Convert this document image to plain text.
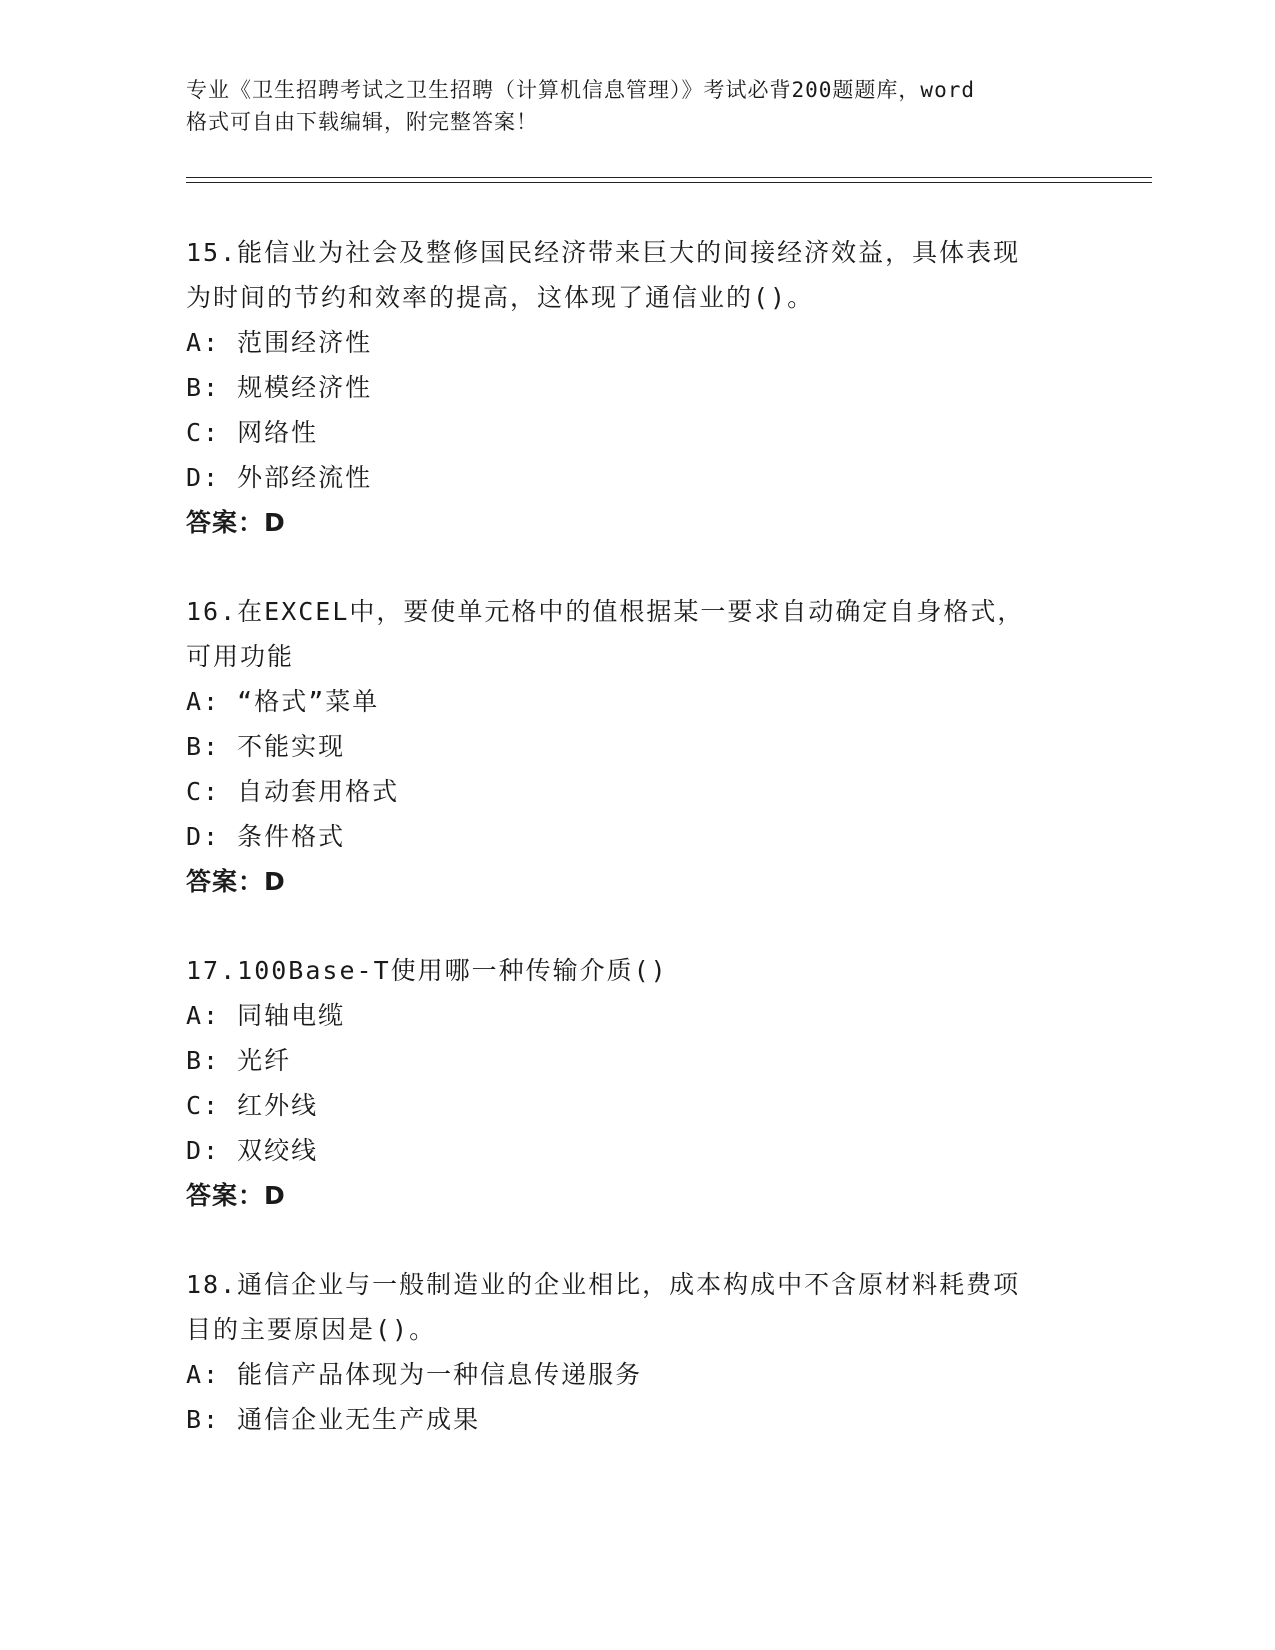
专业《卫生招聘考试之卫生招聘（计算机信息管理）》考试必背200题题库，word
格式可自由下载编辑，附完整答案！
15.能信业为社会及整修国民经济带来巨大的间接经济效益，具体表现
为时间的节约和效率的提高，这体现了通信业的()。
A: 范围经济性
B: 规模经济性
C: 网络性
D: 外部经流性
答案：D
16.在EXCEL中，要使单元格中的值根据某一要求自动确定自身格式，
可用功能
A: “格式”菜单
B: 不能实现
C: 自动套用格式
D: 条件格式
答案：D
17.100Base-T使用哪一种传输介质()
A: 同轴电缆
B: 光纤
C: 红外线
D: 双绞线
答案：D
18.通信企业与一般制造业的企业相比，成本构成中不含原材料耗费项
目的主要原因是()。
A: 能信产品体现为一种信息传递服务
B: 通信企业无生产成果
